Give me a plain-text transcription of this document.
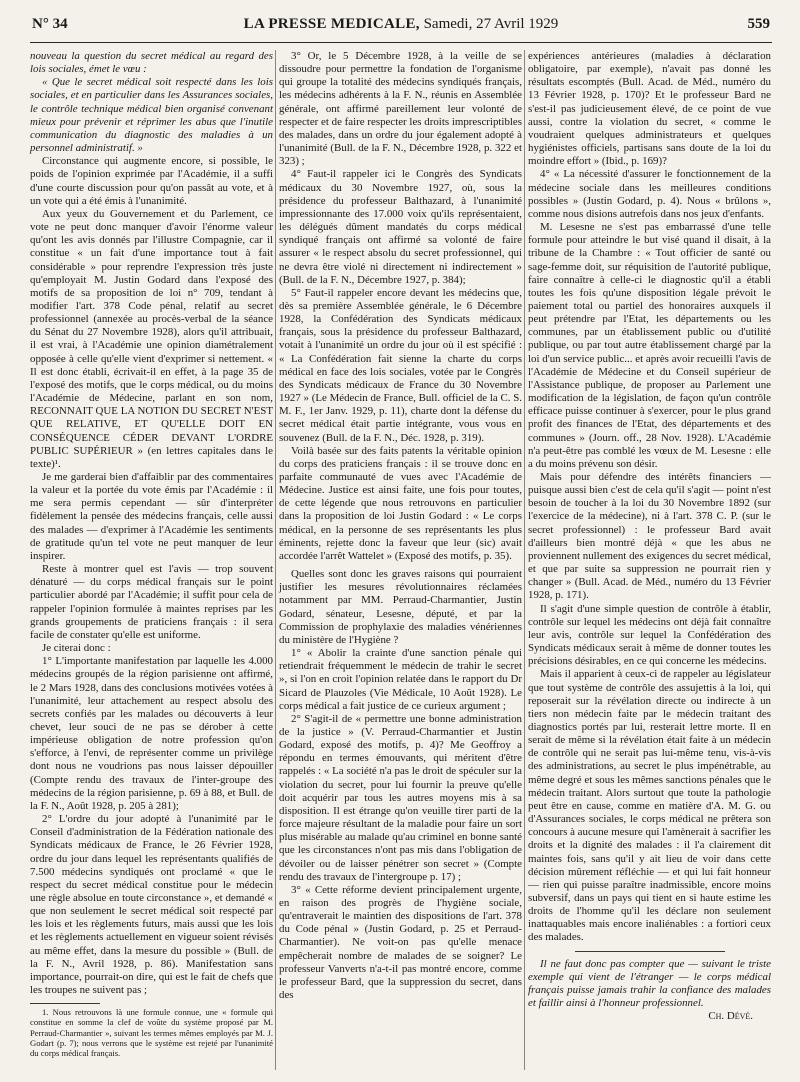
N° 34	LA PRESSE MEDICALE, Samedi, 27 Avril 1929	559

nouveau la question du secret médical au regard des lois sociales, émet le vœu :

« Que le secret médical soit respecté dans les lois sociales, et en particulier dans les Assurances sociales, le contrôle technique médical bien organisé convenant mieux pour prévenir et réprimer les abus que l'inutile communication du diagnostic des maladies à un personnel administratif. »

Circonstance qui augmente encore, si possible, le poids de l'opinion exprimée par l'Académie, il a suffi d'une courte discussion pour qu'on passât au vote, et à un vote qui a été émis à l'unanimité.

Aux yeux du Gouvernement et du Parlement, ce vote ne peut donc manquer d'avoir l'énorme valeur qu'ont les avis donnés par l'illustre Compagnie, car il constitue « un fait d'une importance tout à fait considérable » pour reprendre l'expression très juste qu'employait M. Justin Godard dans l'exposé des motifs de sa proposition de loi n° 709, tendant à modifier l'art. 378 Code pénal, relatif au secret professionnel (annexée au procès-verbal de la séance du Sénat du 27 Novembre 1928), alors qu'il attribuait, il est vrai, à l'Académie une opinion diamétralement opposée à celle qu'elle vient d'exprimer si nettement. « Il est donc établi, écrivait-il en effet, à la page 35 de l'exposé des motifs, que le corps médical, ou du moins l'Académie de Médecine, parlant en son nom, RECONNAIT QUE LA NOTION DU SECRET N'EST QUE RELATIVE, ET QU'ELLE DOIT EN CONSÉQUENCE CÉDER DEVANT L'ORDRE PUBLIC SUPÉRIEUR » (en lettres capitales dans le texte)¹.

Je me garderai bien d'affaiblir par des commentaires la valeur et la portée du vote émis par l'Académie : il me sera permis cependant — sûr d'interpréter fidèlement la pensée des médecins français, celle aussi des malades — d'exprimer à l'Académie les sentiments de gratitude qu'un tel vote ne peut manquer de leur inspirer.

Reste à montrer quel est l'avis — trop souvent dénaturé — du corps médical français sur le point particulier abordé par l'Académie; il suffit pour cela de rappeler l'opinion formulée à maintes reprises par les grands groupements de praticiens français : il sera facile de constater qu'elle est uniforme.

Je citerai donc :

1° L'importante manifestation par laquelle les 4.000 médecins groupés de la région parisienne ont affirmé, le 2 Mars 1928, dans des conclusions motivées votées à l'unanimité, leur attachement au respect absolu des secrets confiés par les malades ou découverts à leur chevet, leur souci de ne pas se dérober à cette impérieuse obligation de notre profession qu'on s'efforce, à l'envi, de représenter comme un privilège dont nous ne voudrions pas nous laisser dépouiller (Compte rendu des travaux de l'inter-groupe des médecins de la région parisienne, p. 69 à 88, et Bull. de la F. N., Août 1928, p. 205 à 281);

2° L'ordre du jour adopté à l'unanimité par le Conseil d'administration de la Fédération nationale des Syndicats médicaux de France, le 26 Février 1928, ordre du jour dans lequel les représentants qualifiés de 7.500 médecins syndiqués ont proclamé « que le respect du secret médical constitue pour le médecin une règle absolue en toute circonstance », et demandé « que non seulement le secret médical soit respecté par les lois et les règlements futurs, mais aussi que les lois et les règlements actuellement en vigueur soient révisés au même effet, dans la mesure du possible » (Bull. de la F. N., Avril 1928, p. 86). Manifestation sans importance, pourrait-on dire, qui est le fait de chefs que les troupes ne suivent pas ;

1. Nous retrouvons là une formule connue, une « formule qui constitue en somme la clef de voûte du système proposé par M. Perraud-Charmantier », suivant les termes mêmes employés par M. J. Godart (p. 7); nous verrons que le système est rejeté par l'unanimité du corps médical français.

3° Or, le 5 Décembre 1928, à la veille de se dissoudre pour permettre la fondation de l'organisme qui groupe la totalité des médecins syndiqués français, les médecins adhérents à la F. N., réunis en Assemblée générale, ont affirmé pareillement leur volonté de respecter et de faire respecter les droits imprescriptibles des malades, dans un ordre du jour également adopté à l'unanimité (Bull. de la F. N., Décembre 1928, p. 322 et 323) ;

4° Faut-il rappeler ici le Congrès des Syndicats médicaux du 30 Novembre 1927, où, sous la présidence du professeur Balthazard, à l'unanimité impressionnante des 17.000 voix qu'ils représentaient, les délégués dûment mandatés du corps médical syndiqué français ont affirmé sa volonté de faire assurer « le respect absolu du secret professionnel, qui ne devra être violé ni directement ni indirectement » (Bull. de la F. N., Décembre 1927, p. 384);

5° Faut-il rappeler encore devant les médecins que, dès sa première Assemblée générale, le 6 Décembre 1928, la Confédération des Syndicats médicaux français, sous la présidence du professeur Balthazard, votait à l'unanimité un ordre du jour où il est spécifié : « La Confédération fait sienne la charte du corps médical en face des lois sociales, votée par le Congrès des Syndicats médicaux de France du 30 Novembre 1927 » (Le Médecin de France, Bull. officiel de la C. S. M. F., 1er Janv. 1929, p. 11), charte dont la défense du secret médical était partie intégrante, vous vous en souvenez (Bull. de la F. N., Déc. 1928, p. 319).

Voilà basée sur des faits patents la véritable opinion du corps des praticiens français : il se trouve donc en parfaite communauté de vues avec l'Académie de Médecine. Justice est ainsi faite, une fois pour toutes, de cette légende que nous retrouvons en particulier dans la proposition de loi Justin Godard : « Le corps médical, en la personne de ses représentants les plus éminents, rejette donc la faveur que leur (sic) avait accordée l'arrêt Wattelet » (Exposé des motifs, p. 35).

Quelles sont donc les graves raisons qui pourraient justifier les mesures révolutionnaires réclamées notamment par MM. Perraud-Charmantier, Justin Godard, sénateur, Lesesne, député, et par la Commission de prophylaxie des maladies vénériennes du ministère de l'Hygiène ?

1° « Abolir la crainte d'une sanction pénale qui retiendrait fréquemment le médecin de trahir le secret », si l'on en croit l'opinion relatée dans le rapport du Dr Sicard de Plauzoles (Vie Médicale, 10 Août 1928). Le corps médical a fait justice de ce curieux argument ;

2° S'agit-il de « permettre une bonne administration de la justice » (V. Perraud-Charmantier et Justin Godard, exposé des motifs, p. 4)? Me Geoffroy a répondu en termes émouvants, qui méritent d'être rappelés : « La société n'a pas le droit de spéculer sur la violation du secret, pour lui fournir la preuve qu'elle doit acquérir par tous les autres moyens mis à sa disposition. Il est étrange qu'on veuille tirer parti de la force majeure résultant de la maladie pour faire un sort plus misérable au malade qu'au criminel en bonne santé que les circonstances n'ont pas mis dans l'obligation de dévoiler ou de laisser pénétrer son secret » (Compte rendu des travaux de l'intergroupe p. 17) ;

3° « Cette réforme devient principalement urgente, en raison des progrès de l'hygiène sociale, qu'entraverait le maintien des dispositions de l'art. 378 du Code pénal » (Justin Godard, p. 25 et Perraud-Charmantier). Ne voit-on pas qu'elle menace empêcherait nombre de malades de se soigner? Le professeur Vanverts n'a-t-il pas montré encore, comme le professeur Bard, que la suppression du secret, dans des

expériences antérieures (maladies à déclaration obligatoire, par exemple), n'avait pas donné les résultats escomptés (Bull. Acad. de Méd., numéro du 13 Février 1928, p. 170)? Et le professeur Bard ne s'est-il pas judicieusement élevé, de ce point de vue aussi, contre la violation du secret, « comme le voudraient quelques administrateurs et quelques hygiénistes officiels, partisans sans doute de la loi du moindre effort » (Ibid., p. 169)?

4° « La nécessité d'assurer le fonctionnement de la médecine sociale dans les meilleures conditions possibles » (Justin Godard, p. 4). Nous « brûlons », comme nous disions autrefois dans nos jeux d'enfants.

M. Lesesne ne s'est pas embarrassé d'une telle formule pour atteindre le but visé quand il disait, à la tribune de la Chambre : « Tout officier de santé ou sage-femme doit, sur réquisition de l'autorité publique, faire connaître à celle-ci le diagnostic qu'il a établi toutes les fois qu'une disposition légale prévoit le paiement total ou partiel des honoraires auxquels il peut prétendre par l'Etat, les départements ou les communes, par un établissement public ou d'utilité publique, ou par tout autre établissement chargé par la loi d'un service public... et après avoir recueilli l'avis de l'Académie de Médecine et du Conseil supérieur de l'Assistance publique, de proposer au Parlement une modification de la législation, de façon qu'un contrôle efficace puisse continuer à s'exercer, pour le plus grand profit des finances de l'Etat, des départements et des communes » (Journ. off., 28 Nov. 1928). L'Académie n'a peut-être pas comblé les vœux de M. Lesesne : elle a du moins prévenu son désir.

Mais pour défendre des intérêts financiers — puisque aussi bien c'est de cela qu'il s'agit — point n'est besoin de toucher à la loi du 30 Novembre 1892 (sur l'exercice de la médecine), ni à l'art. 378 C. P. (sur le secret professionnel) : le professeur Bard avait d'ailleurs bien montré déjà « que les abus ne proviennent nullement des exigences du secret médical, et que par suite sa suppression ne pourrait rien y changer » (Bull. Acad. de Méd., numéro du 13 Février 1928, p. 171).

Il s'agit d'une simple question de contrôle à établir, contrôle sur lequel les médecins ont déjà fait connaître leur avis, contrôle sur lequel la Confédération des Syndicats médicaux serait à même de donner toutes les précisions désirables, en ce qui concerne les médecins.

Mais il apparient à ceux-ci de rappeler au législateur que tout système de contrôle des assujettis à la loi, qui reposerait sur la révélation directe ou indirecte à un tiers non médecin faite par le médecin traitant des diagnostics portés par lui, resterait lettre morte. Il en serait de même si la révélation était faite à un médecin de contrôle qui ne serait pas lui-même tenu, vis-à-vis des administrations, au secret le plus impénétrable, au même degré et sous les mêmes sanctions pénales que le médecin traitant. Alors surtout que toute la pathologie peut être en cause, comme en matière d'A. M. G. ou d'Assurances sociales, le corps médical ne prêtera son concours à aucune mesure qui l'amènerait à sacrifier les droits et la dignité des malades : il l'a clairement dit maintes fois, sans qu'il y ait lieu de voir dans cette décision mûrement réfléchie — et qui lui fait honneur — rien qui puisse paraître inadmissible, encore moins subversif, dans un pays qui tient en si haute estime les droits de l'homme qu'il les déclare non seulement inattaquables mais encore inaliénables : a fortiori ceux des malades.

Il ne faut donc pas compter que — suivant le triste exemple qui vient de l'étranger — le corps médical français puisse jamais trahir la confiance des malades et faillir ainsi à l'honneur professionnel.

Ch. Dévé.
